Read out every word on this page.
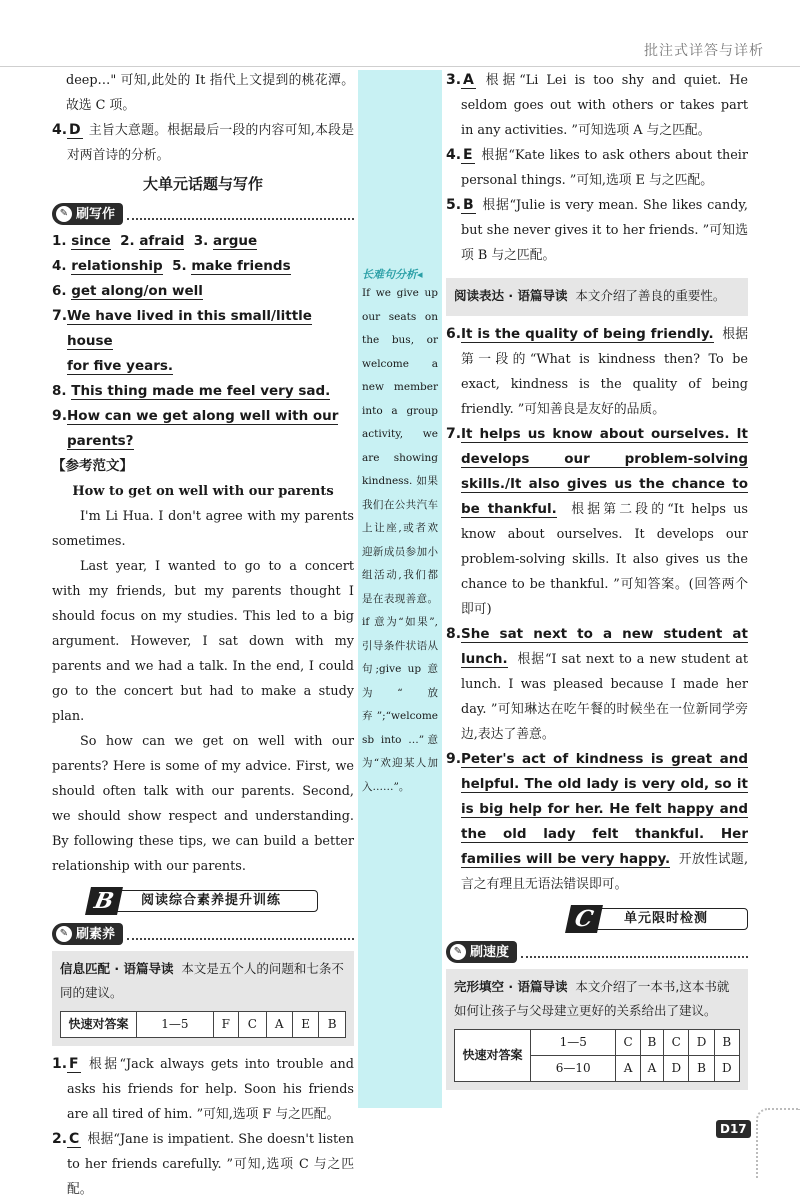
批注式详答与详析
长难句分析◂
If we give up our seats on the bus, or welcome a new member into a group activity, we are showing kindness. 如果我们在公共汽车上让座,或者欢迎新成员参加小组活动,我们都是在表现善意。if 意为“如果”,引导条件状语从句;give up 意为“放弃”;“welcome sb into …”意为“欢迎某人加入……”。
deep…" 可知,此处的 It 指代上文提到的桃花潭。故选 C 项。
4. D 主旨大意题。根据最后一段的内容可知,本段是对两首诗的分析。
大单元话题与写作
✎ 刷写作
1. since 2. afraid 3. argue
4. relationship 5. make friends
6. get along/on well
7. We have lived in this small/little house
for five years.
8. This thing made me feel very sad.
9. How can we get along well with our
parents?
【参考范文】
How to get on well with our parents
I'm Li Hua. I don't agree with my parents sometimes.
Last year, I wanted to go to a concert with my friends, but my parents thought I should focus on my studies. This led to a big argument. However, I sat down with my parents and we had a talk. In the end, I could go to the concert but had to make a study plan.
So how can we get on well with our parents? Here is some of my advice. First, we should often talk with our parents. Second, we should show respect and understanding. By following these tips, we can build a better relationship with our parents.
阅读综合素养提升训练
B
✎ 刷素养
信息匹配 · 语篇导读 本文是五个人的问题和七条不同的建议。
快速对答案	1—5	F	C	A	E	B
1. F 根据“Jack always gets into trouble and asks his friends for help. Soon his friends are all tired of him. ”可知,选项 F 与之匹配。
2. C 根据“Jane is impatient. She doesn't listen to her friends carefully. ”可知,选项 C 与之匹配。
3. A 根据“Li Lei is too shy and quiet. He seldom goes out with others or takes part in any activities. ”可知选项 A 与之匹配。
4. E 根据“Kate likes to ask others about their personal things. ”可知,选项 E 与之匹配。
5. B 根据“Julie is very mean. She likes candy, but she never gives it to her friends. ”可知选项 B 与之匹配。
阅读表达 · 语篇导读 本文介绍了善良的重要性。
6. It is the quality of being friendly. 根据第一段的“What is kindness then? To be exact, kindness is the quality of being friendly. ”可知善良是友好的品质。
7. It helps us know about ourselves. It develops our problem-solving skills./It also gives us the chance to be thankful. 根据第二段的“It helps us know about ourselves. It develops our problem-solving skills. It also gives us the chance to be thankful. ”可知答案。(回答两个即可)
8. She sat next to a new student at lunch. 根据“I sat next to a new student at lunch. I was pleased because I made her day. ”可知琳达在吃午餐的时候坐在一位新同学旁边,表达了善意。
9. Peter's act of kindness is great and helpful. The old lady is very old, so it is big help for her. He felt happy and the old lady felt thankful. Her families will be very happy. 开放性试题,言之有理且无语法错误即可。
单元限时检测
C
✎ 刷速度
完形填空 · 语篇导读 本文介绍了一本书,这本书就如何让孩子与父母建立更好的关系给出了建议。
快速对答案	1—5	C	B	C	D	B
	6—10	A	A	D	B	D
D17
